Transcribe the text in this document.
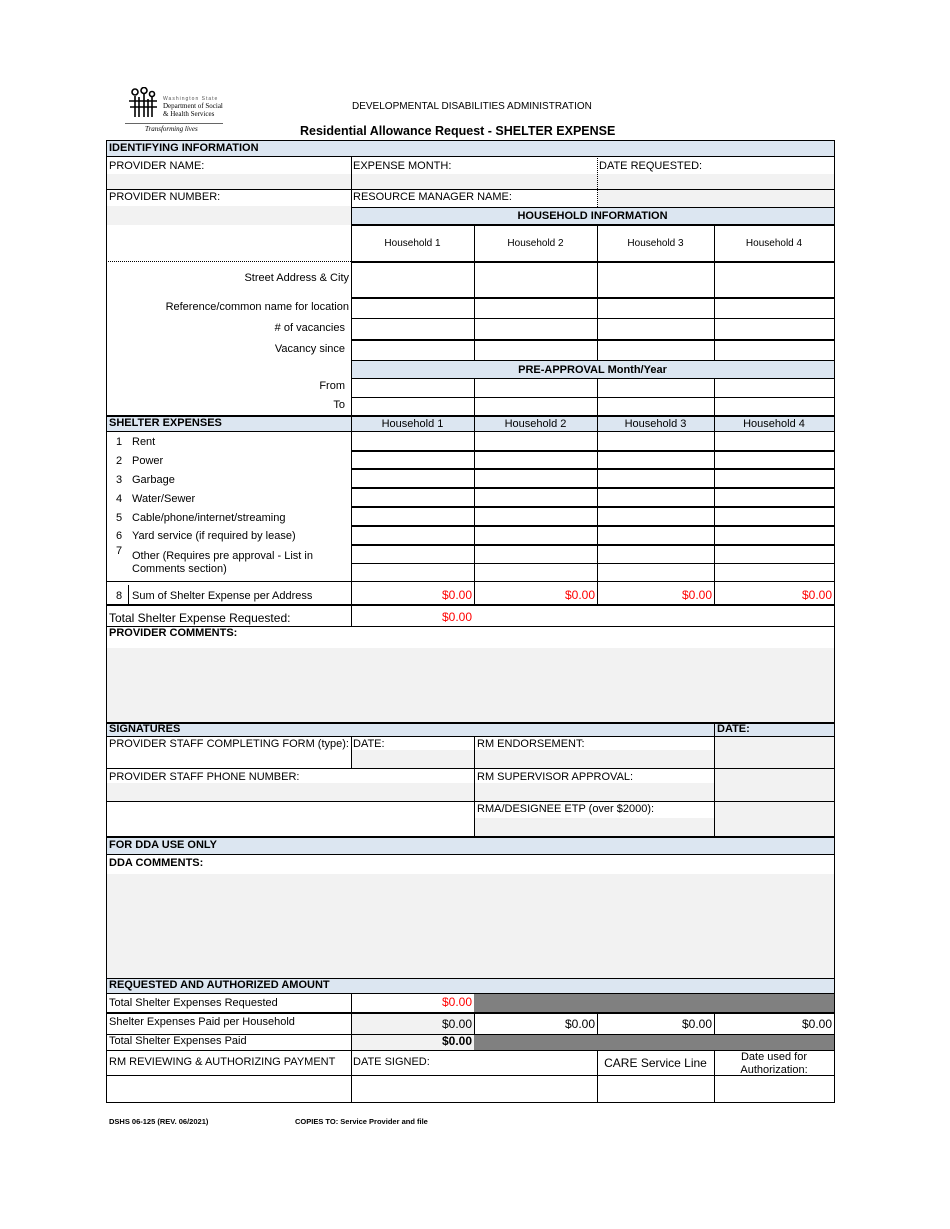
Washington State
Department of Social
& Health Services
Transforming lives
DEVELOPMENTAL DISABILITIES ADMINISTRATION
Residential Allowance Request - SHELTER EXPENSE
IDENTIFYING INFORMATION
PROVIDER NAME:	EXPENSE MONTH:	DATE REQUESTED:
PROVIDER NUMBER:	RESOURCE MANAGER NAME:
HOUSEHOLD INFORMATION
Household 1	Household 2	Household 3	Household 4
Street Address & City
Reference/common name for location
# of vacancies
Vacancy since
PRE-APPROVAL Month/Year
From
To
SHELTER EXPENSES	Household 1	Household 2	Household 3	Household 4
1 Rent
2 Power
3 Garbage
4 Water/Sewer
5 Cable/phone/internet/streaming
6 Yard service (if required by lease)
7 Other (Requires pre approval - List in
Comments section)
8 Sum of Shelter Expense per Address	$0.00	$0.00	$0.00	$0.00
Total Shelter Expense Requested:	$0.00
PROVIDER COMMENTS:
SIGNATURES	DATE:
PROVIDER STAFF COMPLETING FORM (type): DATE:	RM ENDORSEMENT:
PROVIDER STAFF PHONE NUMBER:	RM SUPERVISOR APPROVAL:
RMA/DESIGNEE ETP (over $2000):
FOR DDA USE ONLY
DDA COMMENTS:
REQUESTED AND AUTHORIZED AMOUNT
Total Shelter Expenses Requested	$0.00
Shelter Expenses Paid per Household	$0.00	$0.00	$0.00	$0.00
Total Shelter Expenses Paid	$0.00
RM REVIEWING & AUTHORIZING PAYMENT DATE SIGNED:	CARE Service Line	Date used for
Authorization:
DSHS 06-125 (REV. 06/2021)	COPIES TO: Service Provider and file
